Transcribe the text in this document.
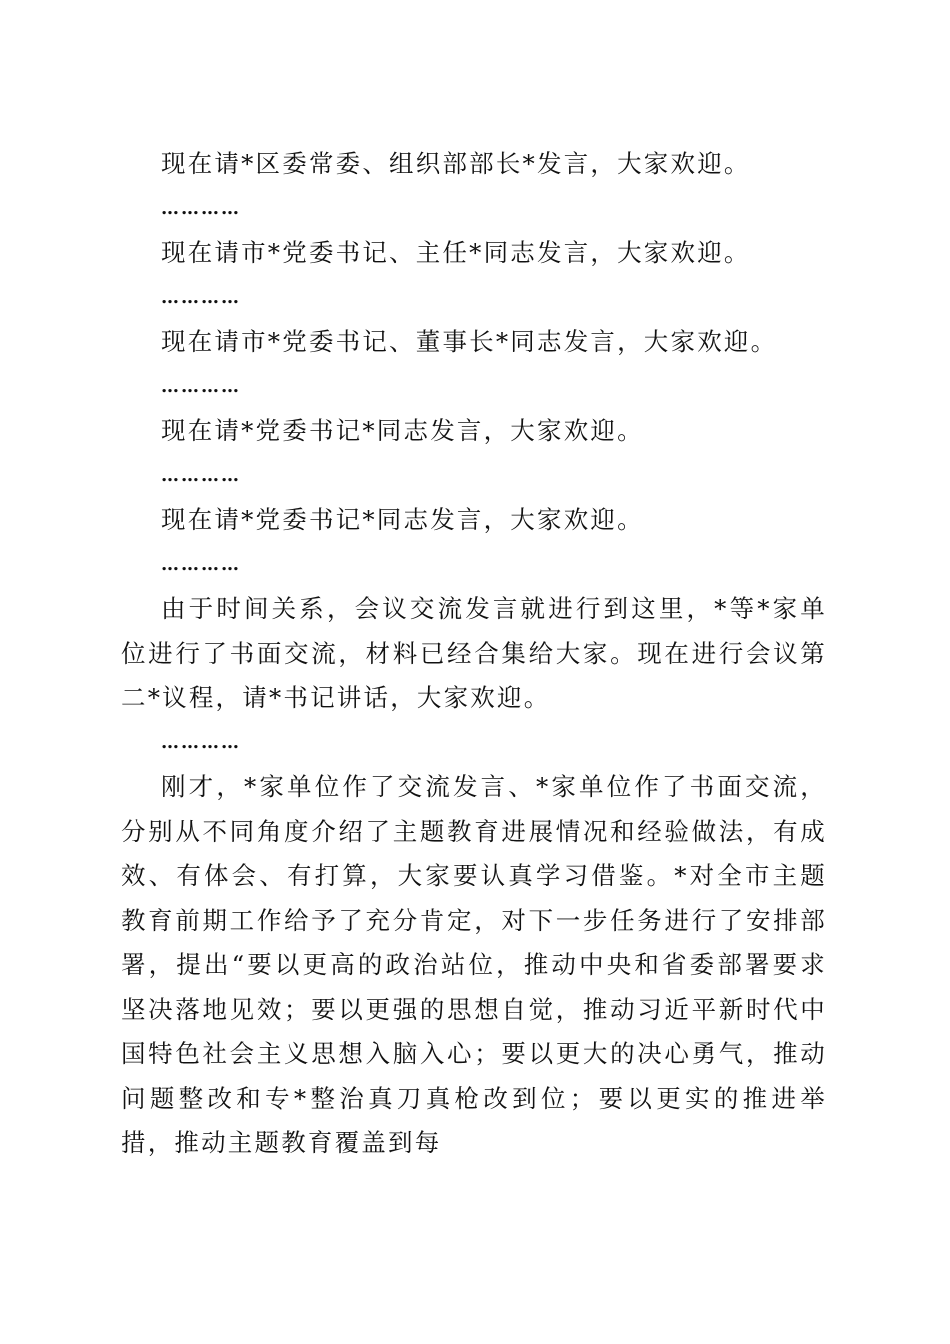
现在请*区委常委、组织部部长*发言，大家欢迎。

…………

现在请市*党委书记、主任*同志发言，大家欢迎。

…………

现在请市*党委书记、董事长*同志发言，大家欢迎。

…………

现在请*党委书记*同志发言，大家欢迎。

…………

现在请*党委书记*同志发言，大家欢迎。

…………

由于时间关系，会议交流发言就进行到这里，*等*家单位进行了书面交流，材料已经合集给大家。现在进行会议第二*议程，请*书记讲话，大家欢迎。

…………

刚才，*家单位作了交流发言、*家单位作了书面交流，分别从不同角度介绍了主题教育进展情况和经验做法，有成效、有体会、有打算，大家要认真学习借鉴。*对全市主题教育前期工作给予了充分肯定，对下一步任务进行了安排部署，提出“要以更高的政治站位，推动中央和省委部署要求坚决落地见效；要以更强的思想自觉，推动习近平新时代中国特色社会主义思想入脑入心；要以更大的决心勇气，推动问题整改和专*整治真刀真枪改到位；要以更实的推进举措，推动主题教育覆盖到每
